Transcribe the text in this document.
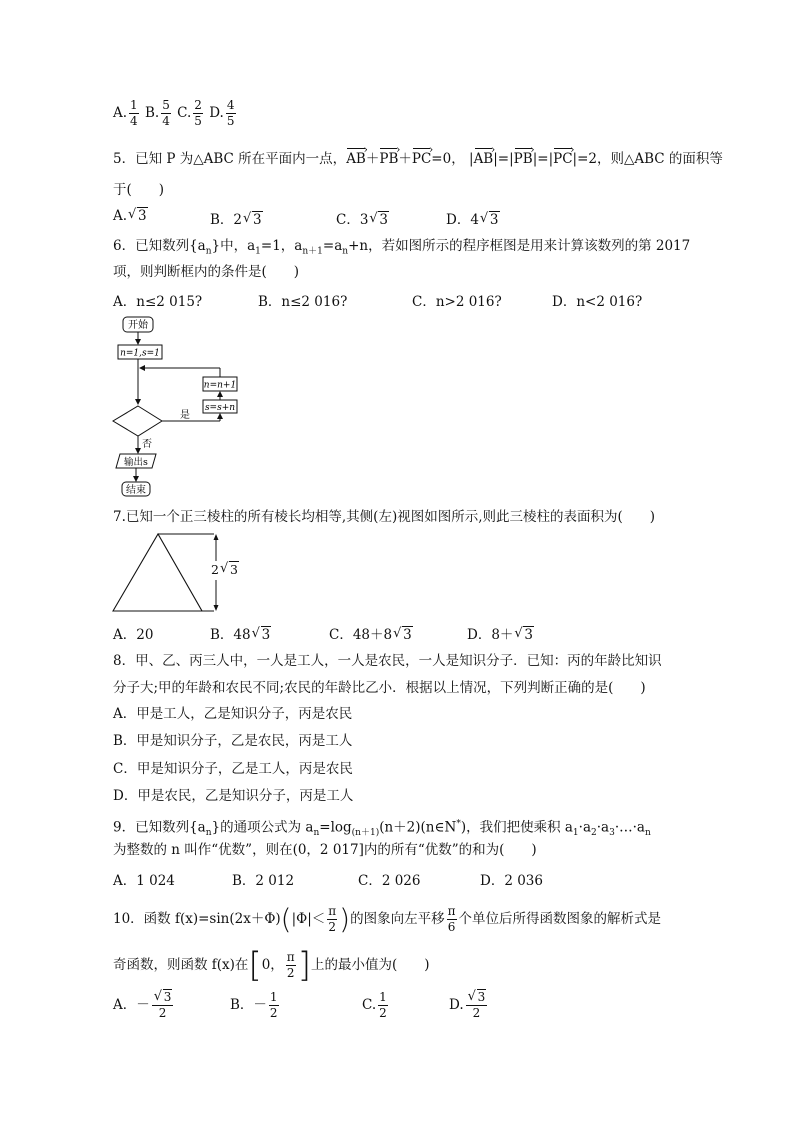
A. $\frac{1}{4} B$. $\frac{5}{4} C$. $\frac{2}{5} D$. $\frac{4}{5}$
5．已知 P 为△ABC 所在平面内一点，AB ›＋PB ›＋PC ›=0， |AB ›|=|PB ›|=|PC ›|=2，则△ABC 的面积等
于(　　)
A. √ 3	B．2 √ 3	C．3 √ 3	D．4 √ 3
6．已知数列$\{a_n\}$中，$a_1=1$，$a_{n+1}=a_n+n$，若如图所示的程序框图是用来计算该数列的第 2017
项，则判断框内的条件是(　　)
A．n≤2 015?	B．n≤2 016?	C．n>2 016?	D．n<2 016?
开始
n=1,s=1
是
s=s+n
n=n+1
否
输出s
结束
7.已知一个正三棱柱的所有棱长均相等,其侧(左)视图如图所示,则此三棱柱的表面积为(　　)
2 √ 3
A．20	B．48 √ 3	C．48＋8 √ 3	D．8＋ √ 3
8．甲、乙、丙三人中，一人是工人，一人是农民，一人是知识分子．已知：丙的年龄比知识
分子大;甲的年龄和农民不同;农民的年龄比乙小．根据以上情况，下列判断正确的是(　　)
A．甲是工人，乙是知识分子，丙是农民
B．甲是知识分子，乙是农民，丙是工人
C．甲是知识分子，乙是工人，丙是农民
D．甲是农民，乙是知识分子，丙是工人
9．已知数列$\{a_n\}$的通项公式为 $a_n=\log_{(n+1)}(n+2)(n\in N^*)$，我们把使乘积 $a_1\cdot a_2\cdot a_3\cdot\dots\cdot a_n$
为整数的 n 叫作“优数”，则在(0，2 017]内的所有“优数”的和为(　　)
A．1 024	B．2 012	C．2 026	D．2 036
10．函数 $f(x)=\sin(2x+\Phi)(|\Phi|< \frac{\pi}{2}$ )的图象向左平移 $\frac{\pi}{6}$ 个单位后所得函数图象的解析式是
奇函数，则函数 f(x)在[0， $\frac{\pi}{2}$ ]上的最小值为(　　)
A．－ √ $\frac{3}{2}$	B．－ $\frac{1}{2}$	C. $\frac{1}{2}$	D. √ $\frac{3}{2}$
